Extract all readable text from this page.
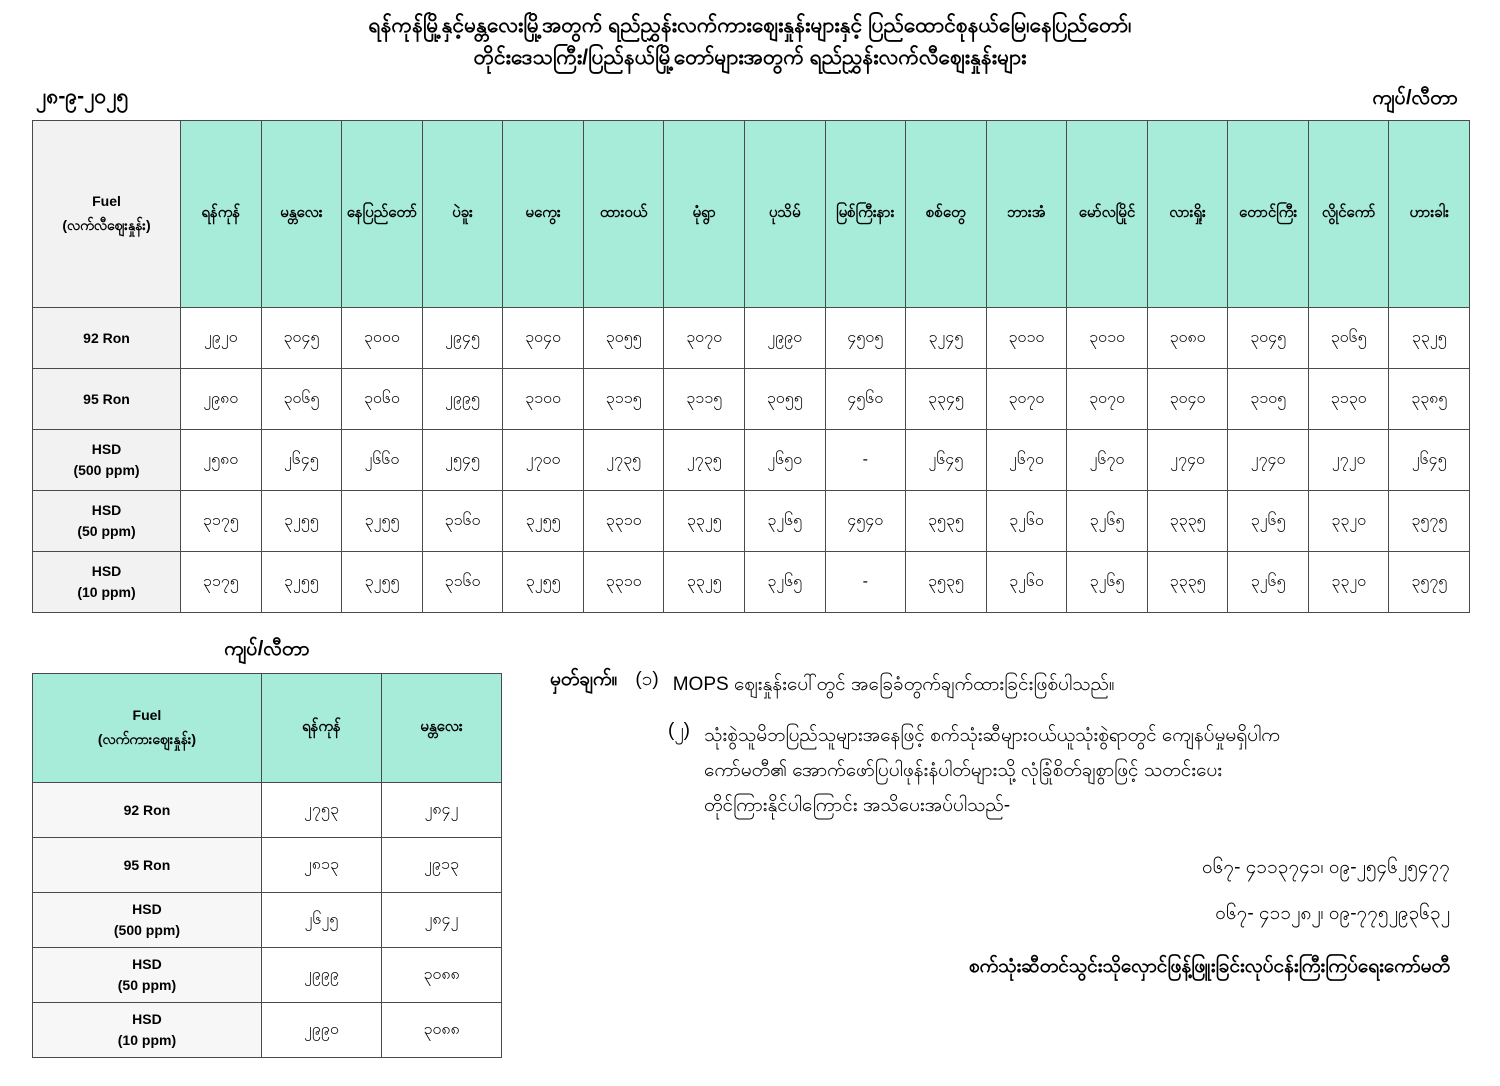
ရန်ကုန်မြို့နှင့်မန္တလေးမြို့အတွက် ရည်ညွှန်းလက်ကားဈေးနှုန်းများနှင့် ပြည်ထောင်စုနယ်မြေ၊နေပြည်တော်၊
တိုင်းဒေသကြီး/ပြည်နယ်မြို့တော်များအတွက် ရည်ညွှန်းလက်လီဈေးနှုန်းများ
၂၈-၉-၂၀၂၅	ကျပ်/လီတာ
Fuel
(လက်လီဈေးနှုန်း)	ရန်ကုန်	မန္တလေး	နေပြည်တော်	ပဲခူး	မကွေး	ထားဝယ်	မုံရွာ	ပုသိမ်	မြစ်ကြီးနား	စစ်တွေ	ဘားအံ	မော်လမြိုင်	လားရှိုး	တောင်ကြီး	လွိုင်ကော်	ဟားခါး

92 Ron	၂၉၂၀	၃၀၄၅	၃၀၀၀	၂၉၄၅	၃၀၄၀	၃၀၅၅	၃၀၇၀	၂၉၉၀	၄၅၀၅	၃၂၄၅	၃၀၁၀	၃၀၁၀	၃၀၈၀	၃၀၄၅	၃၀၆၅	၃၃၂၅

95 Ron	၂၉၈၀	၃၀၆၅	၃၀၆၀	၂၉၉၅	၃၁၀၀	၃၁၁၅	၃၁၁၅	၃၀၅၅	၄၅၆၀	၃၃၄၅	၃၀၇၀	၃၀၇၀	၃၀၄၀	၃၁၀၅	၃၁၃၀	၃၃၈၅

HSD
(500 ppm)	၂၅၈၀	၂၆၄၅	၂၆၆၀	၂၅၄၅	၂၇၀၀	၂၇၃၅	၂၇၃၅	၂၆၅၀	-	၂၆၄၅	၂၆၇၀	၂၆၇၀	၂၇၄၀	၂၇၄၀	၂၇၂၀	၂၆၄၅

HSD
(50 ppm)	၃၁၇၅	၃၂၅၅	၃၂၅၅	၃၁၆၀	၃၂၅၅	၃၃၁၀	၃၃၂၅	၃၂၆၅	၄၅၄၀	၃၅၃၅	၃၂၆၀	၃၂၆၅	၃၃၃၅	၃၂၆၅	၃၃၂၀	၃၅၇၅

HSD
(10 ppm)	၃၁၇၅	၃၂၅၅	၃၂၅၅	၃၁၆၀	၃၂၅၅	၃၃၁၀	၃၃၂၅	၃၂၆၅	-	၃၅၃၅	၃၂၆၀	၃၂၆၅	၃၃၃၅	၃၂၆၅	၃၃၂၀	၃၅၇၅
ကျပ်/လီတာ
Fuel
(လက်ကားဈေးနှုန်း)	ရန်ကုန်	မန္တလေး

92 Ron	၂၇၅၃	၂၈၄၂

95 Ron	၂၈၁၃	၂၉၁၃

HSD
(500 ppm)	၂၆၂၅	၂၈၄၂

HSD
(50 ppm)	၂၉၉၉	၃၀၈၈

HSD
(10 ppm)	၂၉၉၀	၃၀၈၈
မှတ်ချက်။ (၁) MOPS ဈေးနှုန်းပေါ်တွင် အခြေခံတွက်ချက်ထားခြင်းဖြစ်ပါသည်။
(၂) သုံးစွဲသူမိဘပြည်သူများအနေဖြင့် စက်သုံးဆီများဝယ်ယူသုံးစွဲရာတွင် ကျေနပ်မှုမရှိပါက
ကော်မတီ၏ အောက်ဖော်ပြပါဖုန်းနံပါတ်များသို့ လုံခြုံစိတ်ချစွာဖြင့် သတင်းပေး
တိုင်ကြားနိုင်ပါကြောင်း အသိပေးအပ်ပါသည်-
၀၆၇- ၄၁၁၃၇၄၁၊ ၀၉-၂၅၄၆၂၅၄၇၇
၀၆၇- ၄၁၁၂၈၂၊ ၀၉-၇၇၅၂၉၃၆၃၂
စက်သုံးဆီတင်သွင်းသိုလှောင်ဖြန့်ဖြူးခြင်းလုပ်ငန်းကြီးကြပ်ရေးကော်မတီ
